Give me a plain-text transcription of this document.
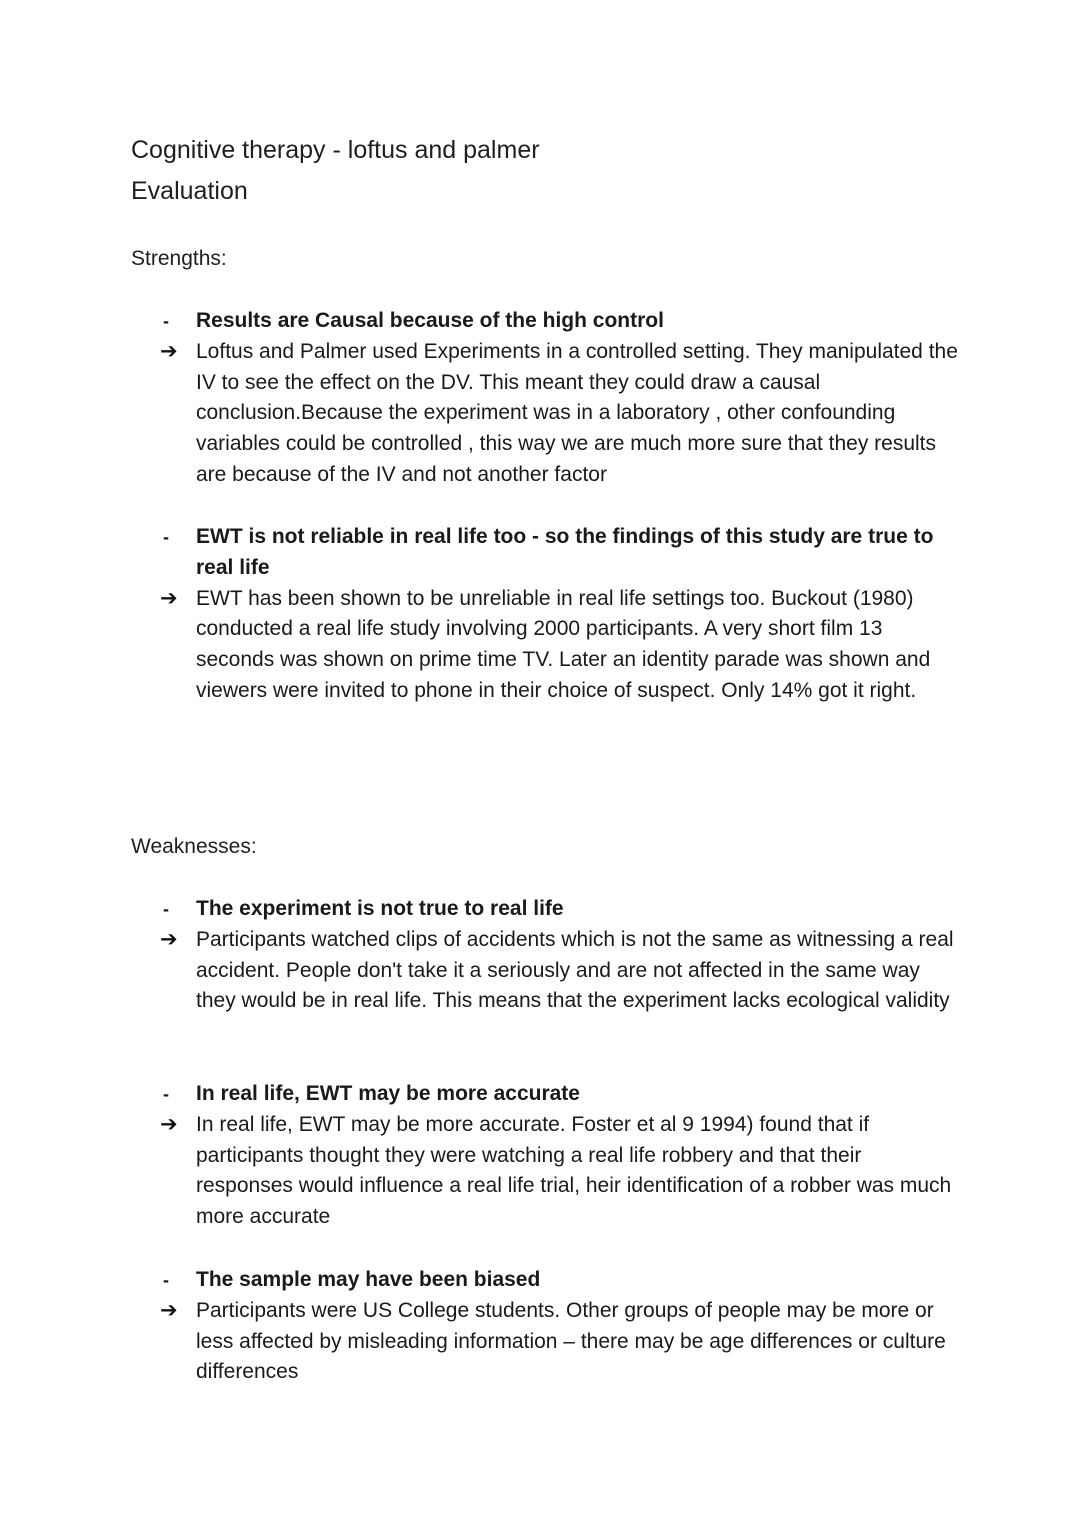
Cognitive therapy - loftus and palmer
Evaluation
Strengths:
- Results are Causal because of the high control
➔ Loftus and Palmer used Experiments in a controlled setting. They manipulated the IV to see the effect on the DV. This meant they could draw a causal conclusion.Because the experiment was in a laboratory , other confounding variables could be controlled , this way we are much more sure that they results are because of the IV and not another factor
- EWT is not reliable in real life too - so the findings of this study are true to real life
➔ EWT has been shown to be unreliable in real life settings too. Buckout (1980) conducted a real life study involving 2000 participants. A very short film 13 seconds was shown on prime time TV. Later an identity parade was shown and viewers were invited to phone in their choice of suspect. Only 14% got it right.
Weaknesses:
- The experiment is not true to real life
➔ Participants watched clips of accidents which is not the same as witnessing a real accident. People don't take it a seriously and are not affected in the same way they would be in real life. This means that the experiment lacks ecological validity
- In real life, EWT may be more accurate
➔ In real life, EWT may be more accurate. Foster et al 9 1994) found that if participants thought they were watching a real life robbery and that their responses would influence a real life trial, heir identification of a robber was much more accurate
- The sample may have been biased
➔ Participants were US College students. Other groups of people may be more or less affected by misleading information – there may be age differences or culture differences
